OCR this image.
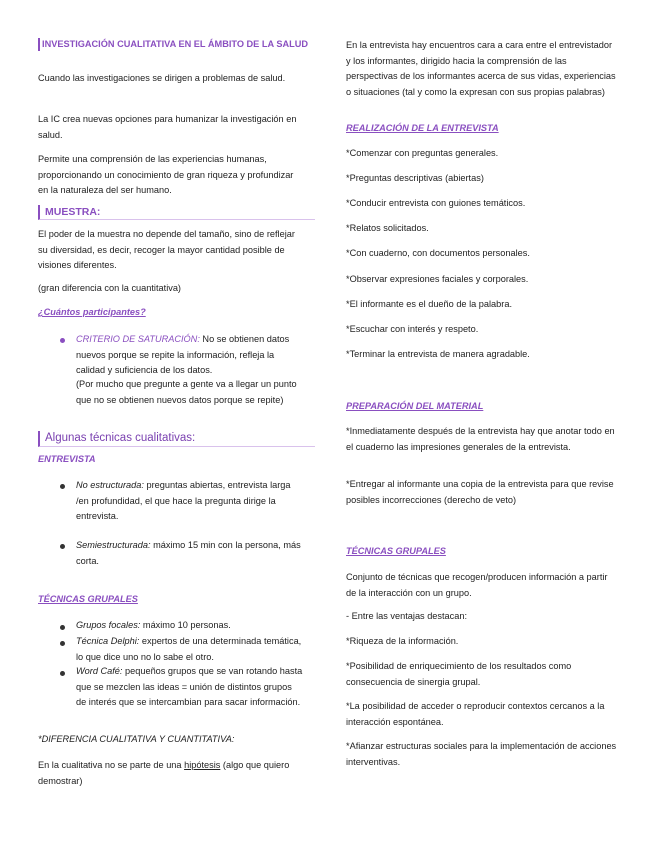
INVESTIGACIÓN CUALITATIVA EN EL ÁMBITO DE LA SALUD

Cuando las investigaciones se dirigen a problemas de salud.

La IC crea nuevas opciones para humanizar la investigación en salud.

Permite una comprensión de las experiencias humanas, proporcionando un conocimiento de gran riqueza y profundizar en la naturaleza del ser humano.

MUESTRA:

El poder de la muestra no depende del tamaño, sino de reflejar su diversidad, es decir, recoger la mayor cantidad posible de visiones diferentes.

(gran diferencia con la cuantitativa)

¿Cuántos participantes?

CRITERIO DE SATURACIÓN: No se obtienen datos nuevos porque se repite la información, refleja la calidad y suficiencia de los datos.

(Por mucho que pregunte a gente va a llegar un punto que no se obtienen nuevos datos porque se repite)

Algunas técnicas cualitativas:

ENTREVISTA

No estructurada: preguntas abiertas, entrevista larga /en profundidad, el que hace la pregunta dirige la entrevista.

Semiestructurada: máximo 15 min con la persona, más corta.

TÉCNICAS GRUPALES

Grupos focales: máximo 10 personas.

Técnica Delphi: expertos de una determinada temática, lo que dice uno no lo sabe el otro.

Word Café: pequeños grupos que se van rotando hasta que se mezclen las ideas = unión de distintos grupos de interés que se intercambian para sacar información.

*DIFERENCIA CUALITATIVA Y CUANTITATIVA:

En la cualitativa no se parte de una hipótesis (algo que quiero demostrar)

En la entrevista hay encuentros cara a cara entre el entrevistador y los informantes, dirigido hacia la comprensión de las perspectivas de los informantes acerca de sus vidas, experiencias o situaciones (tal y como la expresan con sus propias palabras)

REALIZACIÓN DE LA ENTREVISTA

*Comenzar con preguntas generales.

*Preguntas descriptivas (abiertas)

*Conducir entrevista con guiones temáticos.

*Relatos solicitados.

*Con cuaderno, con documentos personales.

*Observar expresiones faciales y corporales.

*El informante es el dueño de la palabra.

*Escuchar con interés y respeto.

*Terminar la entrevista de manera agradable.

PREPARACIÓN DEL MATERIAL

*Inmediatamente después de la entrevista hay que anotar todo en el cuaderno las impresiones generales de la entrevista.

*Entregar al informante una copia de la entrevista para que revise posibles incorrecciones (derecho de veto)

TÉCNICAS GRUPALES

Conjunto de técnicas que recogen/producen información a partir de la interacción con un grupo.

- Entre las ventajas destacan:

*Riqueza de la información.

*Posibilidad de enriquecimiento de los resultados como consecuencia de sinergia grupal.

*La posibilidad de acceder o reproducir contextos cercanos a la interacción espontánea.

*Afianzar estructuras sociales para la implementación de acciones interventivas.
